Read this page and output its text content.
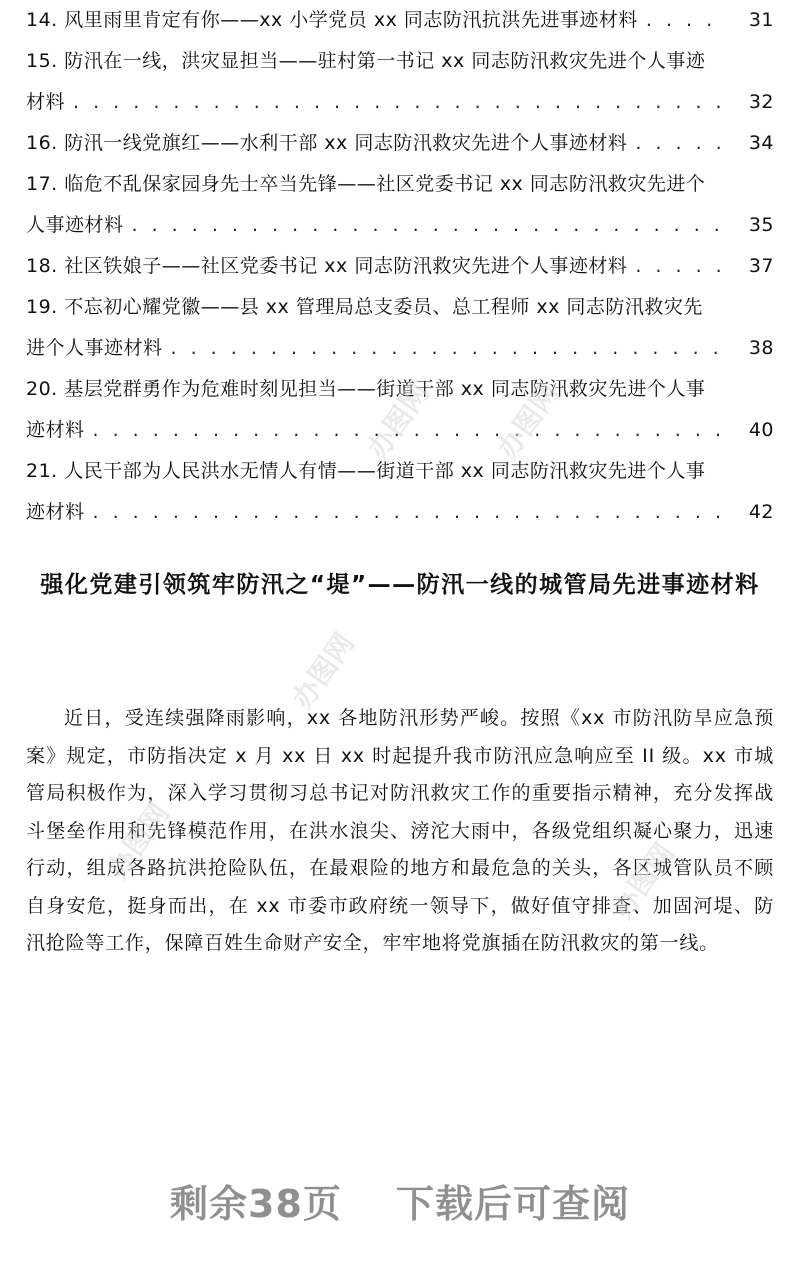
14. 风里雨里肯定有你——xx 小学党员 xx 同志防汛抗洪先进事迹材料 . . .	31
15. 防汛在一线，洪灾显担当——驻村第一书记 xx 同志防汛救灾先进个人事迹
材料 . . .	32
16. 防汛一线党旗红——水利干部 xx 同志防汛救灾先进个人事迹材料 . . .	34
17. 临危不乱保家园身先士卒当先锋——社区党委书记 xx 同志防汛救灾先进个
人事迹材料 . . .	35
18. 社区铁娘子——社区党委书记 xx 同志防汛救灾先进个人事迹材料 . . .	37
19. 不忘初心耀党徽——县 xx 管理局总支委员、总工程师 xx 同志防汛救灾先
进个人事迹材料 . . .	38
20. 基层党群勇作为危难时刻见担当——街道干部 xx 同志防汛救灾先进个人事
迹材料 . . .	40
21. 人民干部为人民洪水无情人有情——街道干部 xx 同志防汛救灾先进个人事
迹材料 . . .	42
强化党建引领筑牢防汛之“堤”——防汛一线的城管局先进事迹材料
近日，受连续强降雨影响，xx 各地防汛形势严峻。按照《xx 市防汛防旱应急预案》规定，市防指决定 x 月 xx 日 xx 时起提升我市防汛应急响应至 II 级。xx 市城管局积极作为，深入学习贯彻习总书记对防汛救灾工作的重要指示精神，充分发挥战斗堡垒作用和先锋模范作用，在洪水浪尖、滂沱大雨中，各级党组织凝心聚力，迅速行动，组成各路抗洪抢险队伍，在最艰险的地方和最危急的关头，各区城管队员不顾自身安危，挺身而出，在 xx 市委市政府统一领导下，做好值守排查、加固河堤、防汛抢险等工作，保障百姓生命财产安全，牢牢地将党旗插在防汛救灾的第一线。
办图网 办图网
办图网
办图网	办图网
剩余38页 下载后可查阅
